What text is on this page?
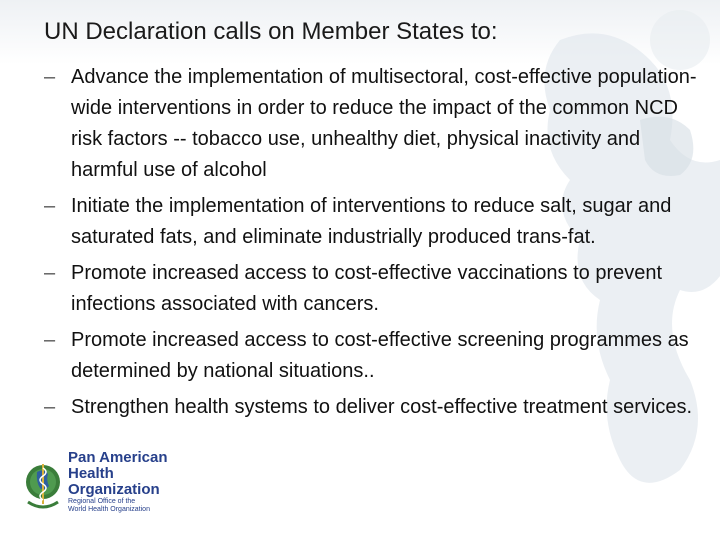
UN Declaration calls on Member States to:
– Advance the implementation of multisectoral, cost-effective population-wide interventions in order to reduce the impact of the common NCD risk factors -- tobacco use, unhealthy diet, physical inactivity and harmful use of alcohol
– Initiate the implementation of interventions to reduce salt, sugar and saturated fats, and eliminate industrially produced trans-fat.
– Promote increased access to cost-effective vaccinations to prevent infections associated with cancers.
– Promote increased access to cost-effective screening programmes as determined by national situations..
– Strengthen health systems to deliver cost-effective treatment services.
Pan American
Health
Organization
Regional Office of the
World Health Organization
